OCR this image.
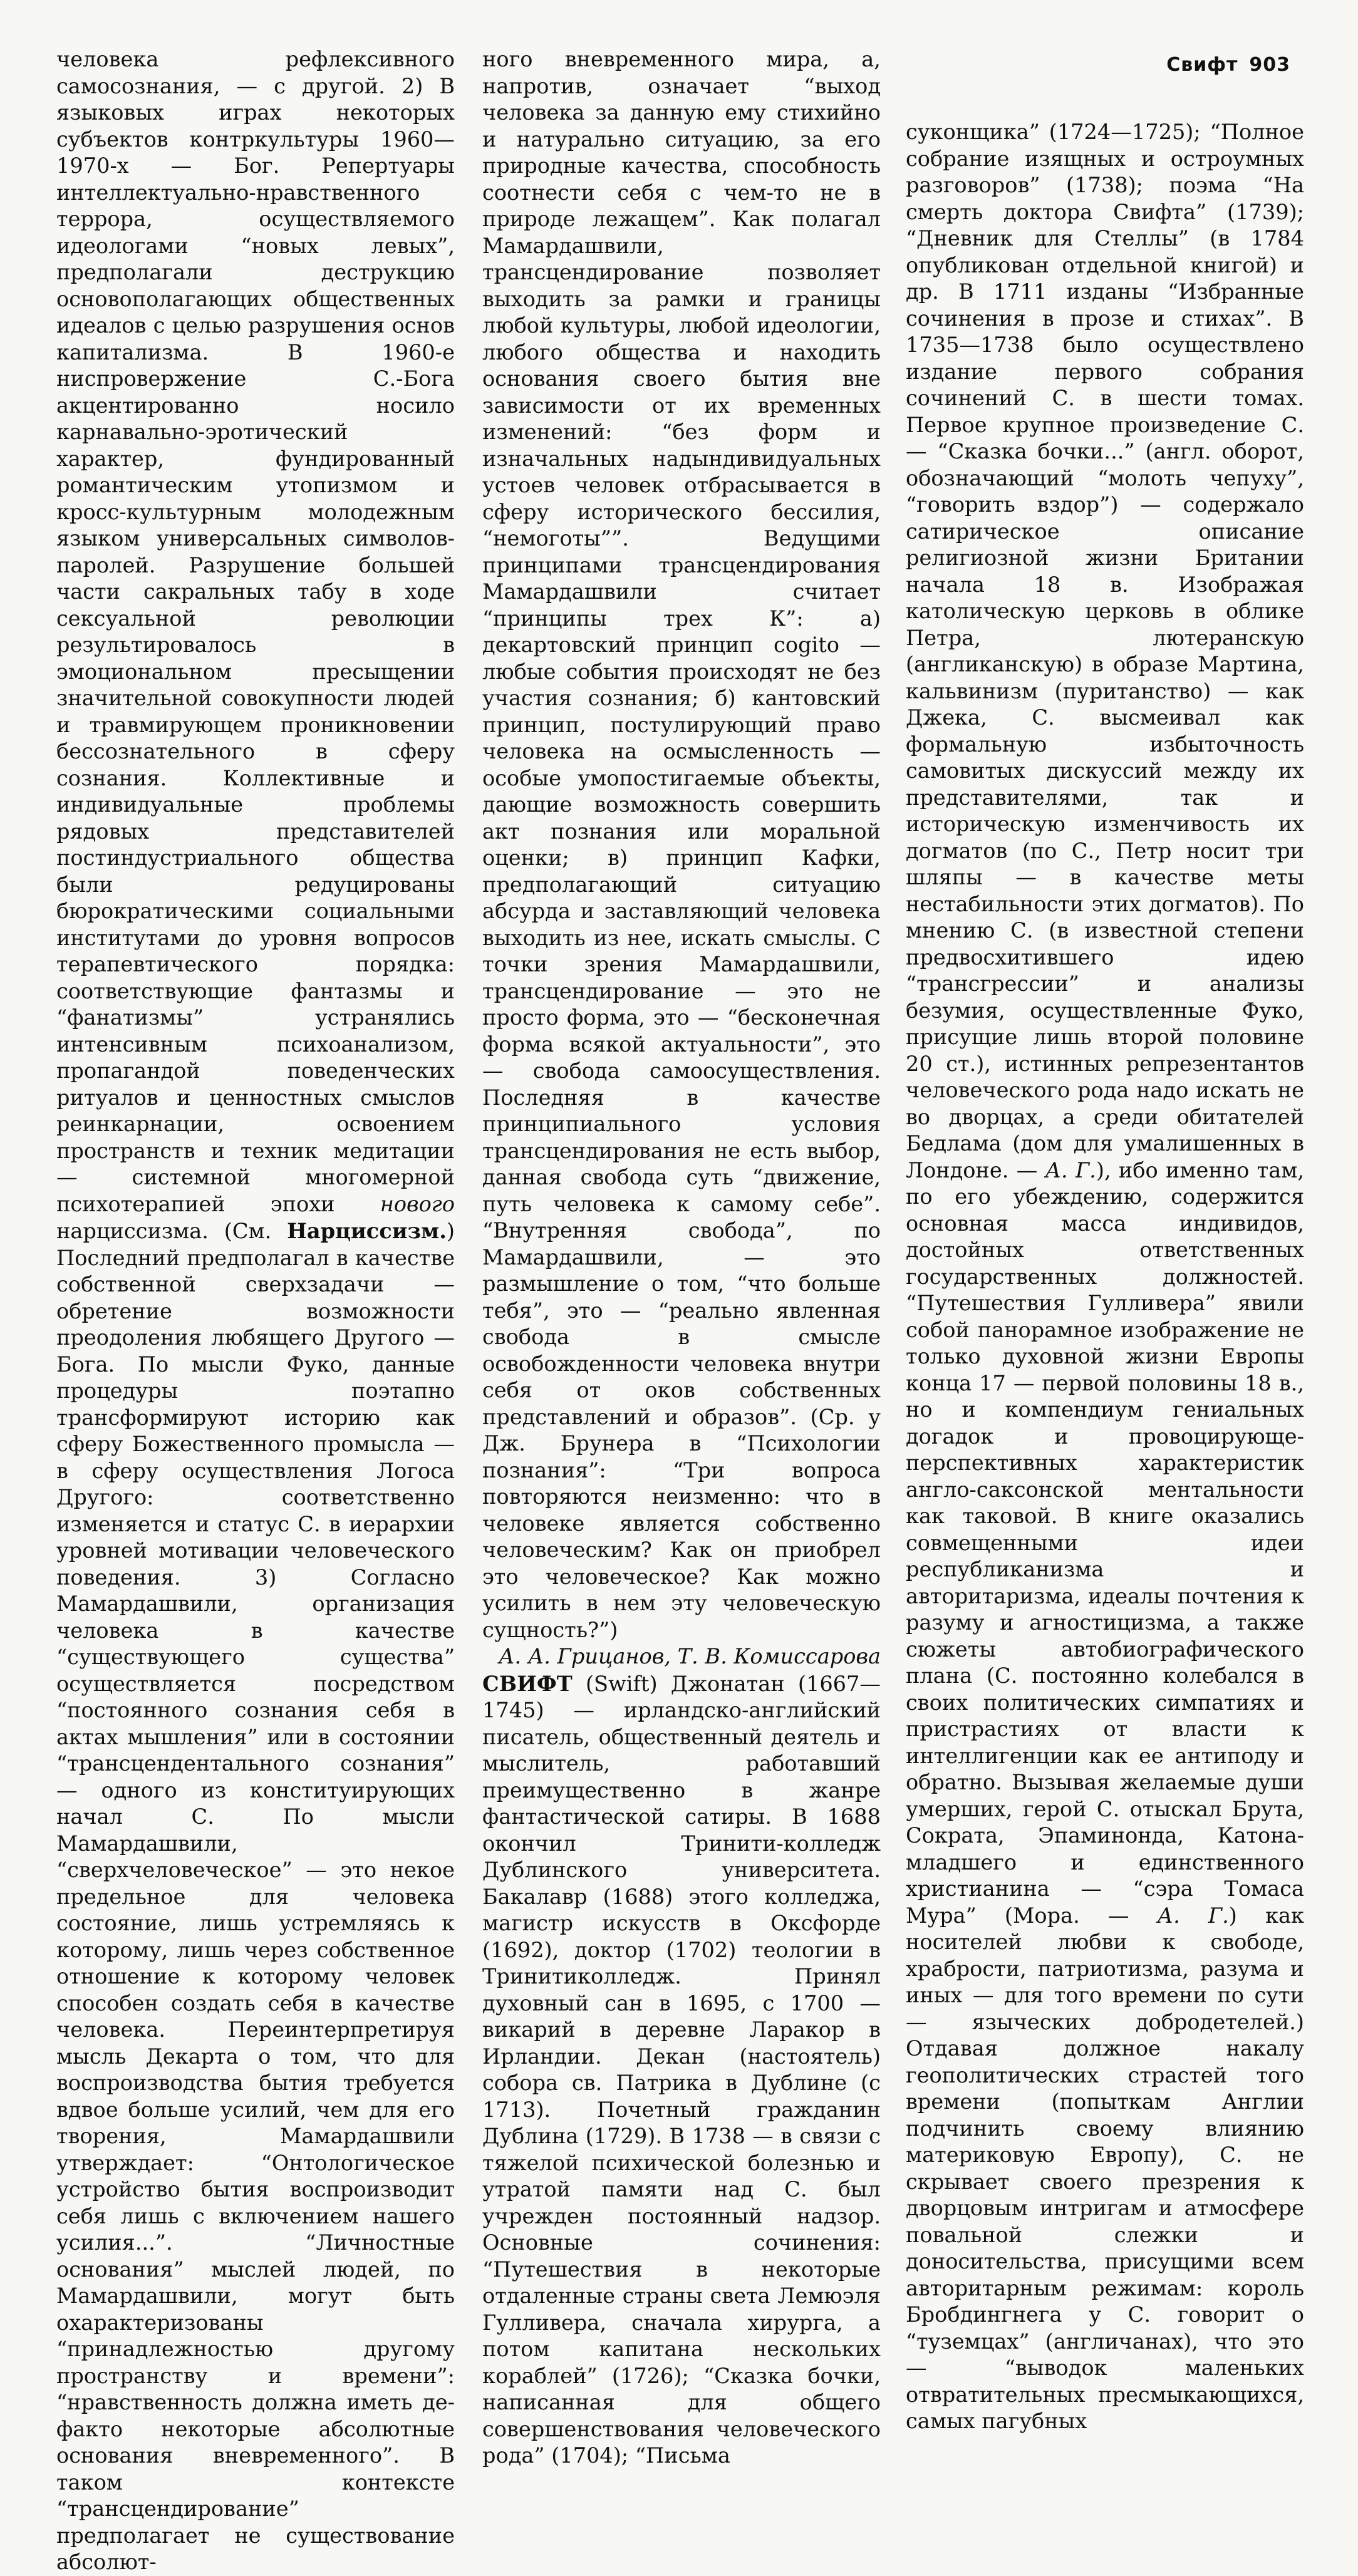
Свифт 903

человека рефлексивного самосознания, — с другой. 2) В языковых играх некоторых субъектов контркультуры 1960—1970-х — Бог. Репертуары интеллектуально-нравственного террора, осуществляемого идеологами “новых левых”, предполагали деструкцию основополагающих общественных идеалов с целью разрушения основ капитализма. В 1960-е ниспровержение С.-Бога акцентированно носило карнавально-эротический характер, фундированный романтическим утопизмом и кросс-культурным молодежным языком универсальных символов-паролей. Разрушение большей части сакральных табу в ходе сексуальной революции результировалось в эмоциональном пресыщении значительной совокупности людей и травмирующем проникновении бессознательного в сферу сознания. Коллективные и индивидуальные проблемы рядовых представителей постиндустриального общества были редуцированы бюрократическими социальными институтами до уровня вопросов терапевтического порядка: соответствующие фантазмы и “фанатизмы” устранялись интенсивным психоанализом, пропагандой поведенческих ритуалов и ценностных смыслов реинкарнации, освоением пространств и техник медитации — системной многомерной психотерапией эпохи нового нарциссизма. (См. Нарциссизм.) Последний предполагал в качестве собственной сверхзадачи — обретение возможности преодоления любящего Другого — Бога. По мысли Фуко, данные процедуры поэтапно трансформируют историю как сферу Божественного промысла — в сферу осуществления Логоса Другого: соответственно изменяется и статус С. в иерархии уровней мотивации человеческого поведения. 3) Согласно Мамардашвили, организация человека в качестве “существующего существа” осуществляется посредством “постоянного сознания себя в актах мышления” или в состоянии “трансцендентального сознания” — одного из конституирующих начал С. По мысли Мамардашвили, “сверхчеловеческое” — это некое предельное для человека состояние, лишь устремляясь к которому, лишь через собственное отношение к которому человек способен создать себя в качестве человека. Переинтерпретируя мысль Декарта о том, что для воспроизводства бытия требуется вдвое больше усилий, чем для его творения, Мамардашвили утверждает: “Онтологическое устройство бытия воспроизводит себя лишь с включением нашего усилия...”. “Личностные основания” мыслей людей, по Мамардашвили, могут быть охарактеризованы “принадлежностью другому пространству и времени”: “нравственность должна иметь де-факто некоторые абсолютные основания вневременного”. В таком контексте “трансцендирование” предполагает не существование абсолют-

ного вневременного мира, а, напротив, означает “выход человека за данную ему стихийно и натурально ситуацию, за его природные качества, способность соотнести себя с чем-то не в природе лежащем”. Как полагал Мамардашвили, трансцендирование позволяет выходить за рамки и границы любой культуры, любой идеологии, любого общества и находить основания своего бытия вне зависимости от их временных изменений: “без форм и изначальных надындивидуальных устоев человек отбрасывается в сферу исторического бессилия, “немоготы””. Ведущими принципами трансцендирования Мамардашвили считает “принципы трех К”: а) декартовский принцип cogito — любые события происходят не без участия сознания; б) кантовский принцип, постулирующий право человека на осмысленность — особые умопостигаемые объекты, дающие возможность совершить акт познания или моральной оценки; в) принцип Кафки, предполагающий ситуацию абсурда и заставляющий человека выходить из нее, искать смыслы. С точки зрения Мамардашвили, трансцендирование — это не просто форма, это — “бесконечная форма всякой актуальности”, это — свобода самоосуществления. Последняя в качестве принципиального условия трансцендирования не есть выбор, данная свобода суть “движение, путь человека к самому себе”. “Внутренняя свобода”, по Мамардашвили, — это размышление о том, “что больше тебя”, это — “реально явленная свобода в смысле освобожденности человека внутри себя от оков собственных представлений и образов”. (Ср. у Дж. Брунера в “Психологии познания”: “Три вопроса повторяются неизменно: что в человеке является собственно человеческим? Как он приобрел это человеческое? Как можно усилить в нем эту человеческую сущность?”)

А. А. Грицанов, Т. В. Комиссарова

СВИФТ (Swift) Джонатан (1667—1745) — ирландско-английский писатель, общественный деятель и мыслитель, работавший преимущественно в жанре фантастической сатиры. В 1688 окончил Тринити-колледж Дублинского университета. Бакалавр (1688) этого колледжа, магистр искусств в Оксфорде (1692), доктор (1702) теологии в Тринитиколледж. Принял духовный сан в 1695, с 1700 — викарий в деревне Ларакор в Ирландии. Декан (настоятель) собора св. Патрика в Дублине (с 1713). Почетный гражданин Дублина (1729). В 1738 — в связи с тяжелой психической болезнью и утратой памяти над С. был учрежден постоянный надзор. Основные сочинения: “Путешествия в некоторые отдаленные страны света Лемюэля Гулливера, сначала хирурга, а потом капитана нескольких кораблей” (1726); “Сказка бочки, написанная для общего совершенствования человеческого рода” (1704); “Письма

суконщика” (1724—1725); “Полное собрание изящных и остроумных разговоров” (1738); поэма “На смерть доктора Свифта” (1739); “Дневник для Стеллы” (в 1784 опубликован отдельной книгой) и др. В 1711 изданы “Избранные сочинения в прозе и стихах”. В 1735—1738 было осуществлено издание первого собрания сочинений С. в шести томах. Первое крупное произведение С. — “Сказка бочки...” (англ. оборот, обозначающий “молоть чепуху”, “говорить вздор”) — содержало сатирическое описание религиозной жизни Британии начала 18 в. Изображая католическую церковь в облике Петра, лютеранскую (англиканскую) в образе Мартина, кальвинизм (пуританство) — как Джека, С. высмеивал как формальную избыточность самовитых дискуссий между их представителями, так и историческую изменчивость их догматов (по С., Петр носит три шляпы — в качестве меты нестабильности этих догматов). По мнению С. (в известной степени предвосхитившего идею “трансгрессии” и анализы безумия, осуществленные Фуко, присущие лишь второй половине 20 ст.), истинных репрезентантов человеческого рода надо искать не во дворцах, а среди обитателей Бедлама (дом для умалишенных в Лондоне. — А. Г.), ибо именно там, по его убеждению, содержится основная масса индивидов, достойных ответственных государственных должностей. “Путешествия Гулливера” явили собой панорамное изображение не только духовной жизни Европы конца 17 — первой половины 18 в., но и компендиум гениальных догадок и провоцирующе-перспективных характеристик англо-саксонской ментальности как таковой. В книге оказались совмещенными идеи республиканизма и авторитаризма, идеалы почтения к разуму и агностицизма, а также сюжеты автобиографического плана (С. постоянно колебался в своих политических симпатиях и пристрастиях от власти к интеллигенции как ее антиподу и обратно. Вызывая желаемые души умерших, герой С. отыскал Брута, Сократа, Эпаминонда, Катона-младшего и единственного христианина — “сэра Томаса Мура” (Мора. — А. Г.) как носителей любви к свободе, храбрости, патриотизма, разума и иных — для того времени по сути — языческих добродетелей.) Отдавая должное накалу геополитических страстей того времени (попыткам Англии подчинить своему влиянию материковую Европу), С. не скрывает своего презрения к дворцовым интригам и атмосфере повальной слежки и доносительства, присущими всем авторитарным режимам: король Бробдингнега у С. говорит о “туземцах” (англичанах), что это — “выводок маленьких отвратительных пресмыкающихся, самых пагубных
